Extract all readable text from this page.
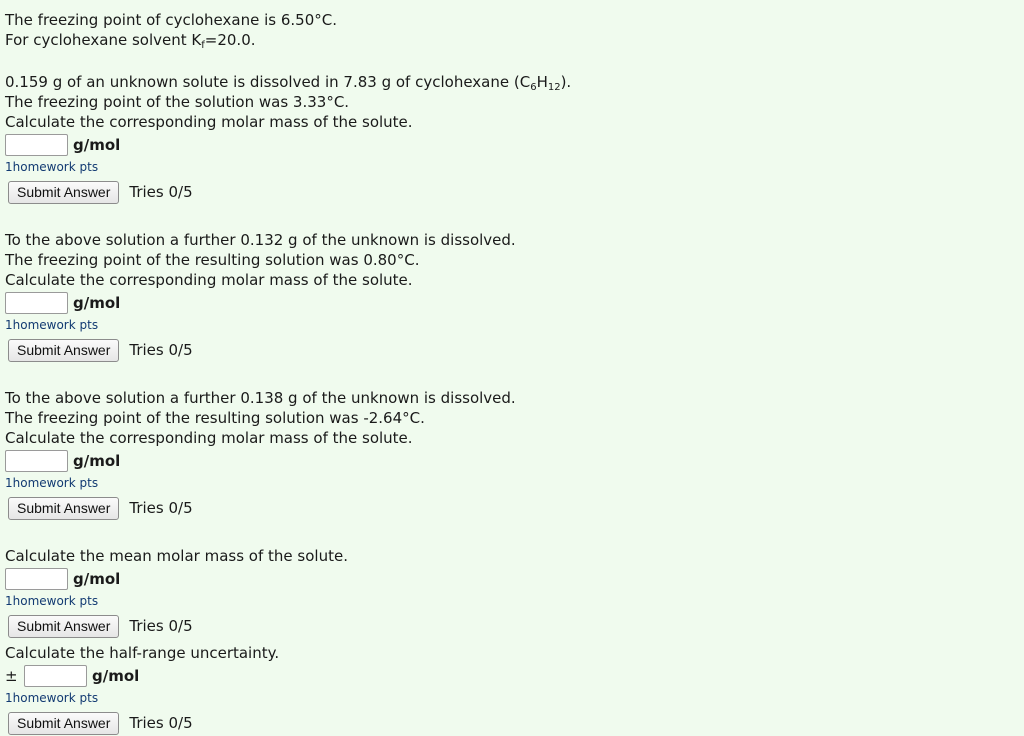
The freezing point of cyclohexane is 6.50°C.
For cyclohexane solvent $K_f=20.0$.
0.159 g of an unknown solute is dissolved in 7.83 g of cyclohexane $(C_6H_{12})$.
The freezing point of the solution was 3.33°C.
Calculate the corresponding molar mass of the solute.
g/mol
1homework pts
Submit Answer	Tries 0/5
To the above solution a further 0.132 g of the unknown is dissolved.
The freezing point of the resulting solution was 0.80°C.
Calculate the corresponding molar mass of the solute.
g/mol
1homework pts
Submit Answer	Tries 0/5
To the above solution a further 0.138 g of the unknown is dissolved.
The freezing point of the resulting solution was -2.64°C.
Calculate the corresponding molar mass of the solute.
g/mol
1homework pts
Submit Answer	Tries 0/5
Calculate the mean molar mass of the solute.
g/mol
1homework pts
Submit Answer	Tries 0/5
Calculate the half-range uncertainty.
±	g/mol
1homework pts
Submit Answer	Tries 0/5
